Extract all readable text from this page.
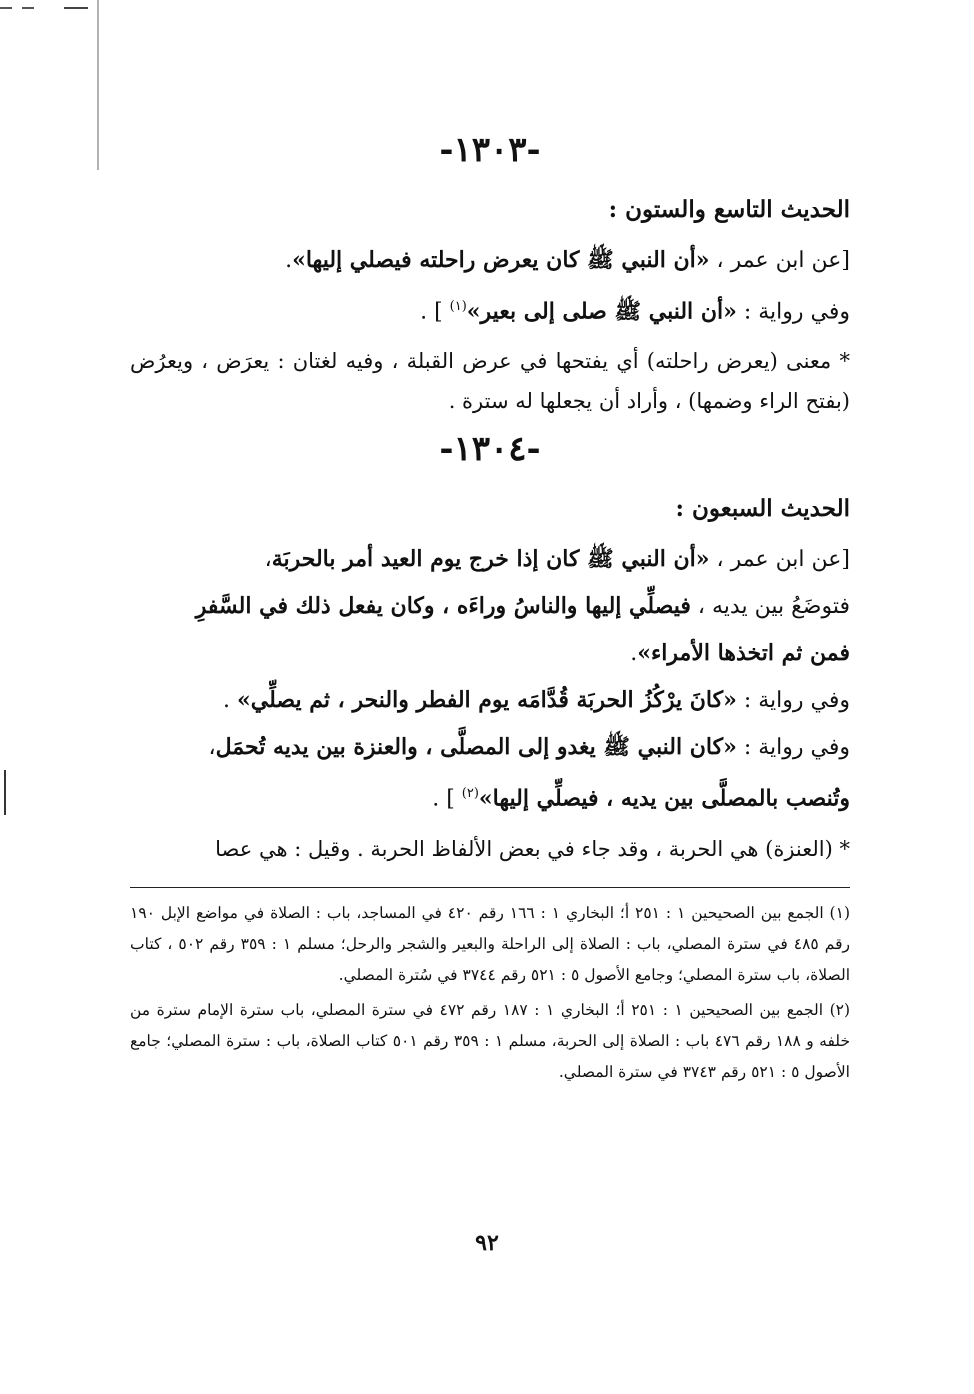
-١٣٠٣-
الحديث التاسع والستون :

[عن ابن عمر ، «أن النبي ﷺ كان يعرض راحلته فيصلي إليها».

وفي رواية : «أن النبي ﷺ صلى إلى بعير»$^{(١)}$ ] .

* معنى (يعرض راحلته) أي يفتحها في عرض القبلة ، وفيه لغتان : يعرَض ، ويعرُض (بفتح الراء وضمها) ، وأراد أن يجعلها له سترة .

-١٣٠٤-
الحديث السبعون :

[عن ابن عمر ، «أن النبي ﷺ كان إذا خرج يوم العيد أمر بالحربَة،

فتوضَعُ بين يديه ، فيصلِّي إليها والناسُ وراءَه ، وكان يفعل ذلك في السَّفرِ

فمن ثم اتخذها الأمراء».

وفي رواية : «كانَ يرْكُزُ الحربَة قُدَّامَه يوم الفطر والنحر ، ثم يصلِّي» .

وفي رواية : «كان النبي ﷺ يغدو إلى المصلَّى ، والعنزة بين يديه تُحمَل،

وتُنصب بالمصلَّى بين يديه ، فيصلِّي إليها»$^{(٢)}$ ] .

* (العنزة) هي الحربة ، وقد جاء في بعض الألفاظ الحربة . وقيل : هي عصا

(١) الجمع بين الصحيحين ١ : ٢٥١ أ؛ البخاري ١ : ١٦٦ رقم ٤٢٠ في المساجد، باب : الصلاة في مواضع الإبل ١٩٠ رقم ٤٨٥ في سترة المصلي، باب : الصلاة إلى الراحلة والبعير والشجر والرحل؛ مسلم ١ : ٣٥٩ رقم ٥٠٢ ، كتاب الصلاة، باب سترة المصلي؛ وجامع الأصول ٥ : ٥٢١ رقم ٣٧٤٤ في سُترة المصلي.

(٢) الجمع بين الصحيحين ١ : ٢٥١ أ؛ البخاري ١ : ١٨٧ رقم ٤٧٢ في سترة المصلي، باب سترة الإمام سترة من خلفه و ١٨٨ رقم ٤٧٦ باب : الصلاة إلى الحربة، مسلم ١ : ٣٥٩ رقم ٥٠١ كتاب الصلاة، باب : سترة المصلي؛ جامع الأصول ٥ : ٥٢١ رقم ٣٧٤٣ في سترة المصلي.

٩٢
